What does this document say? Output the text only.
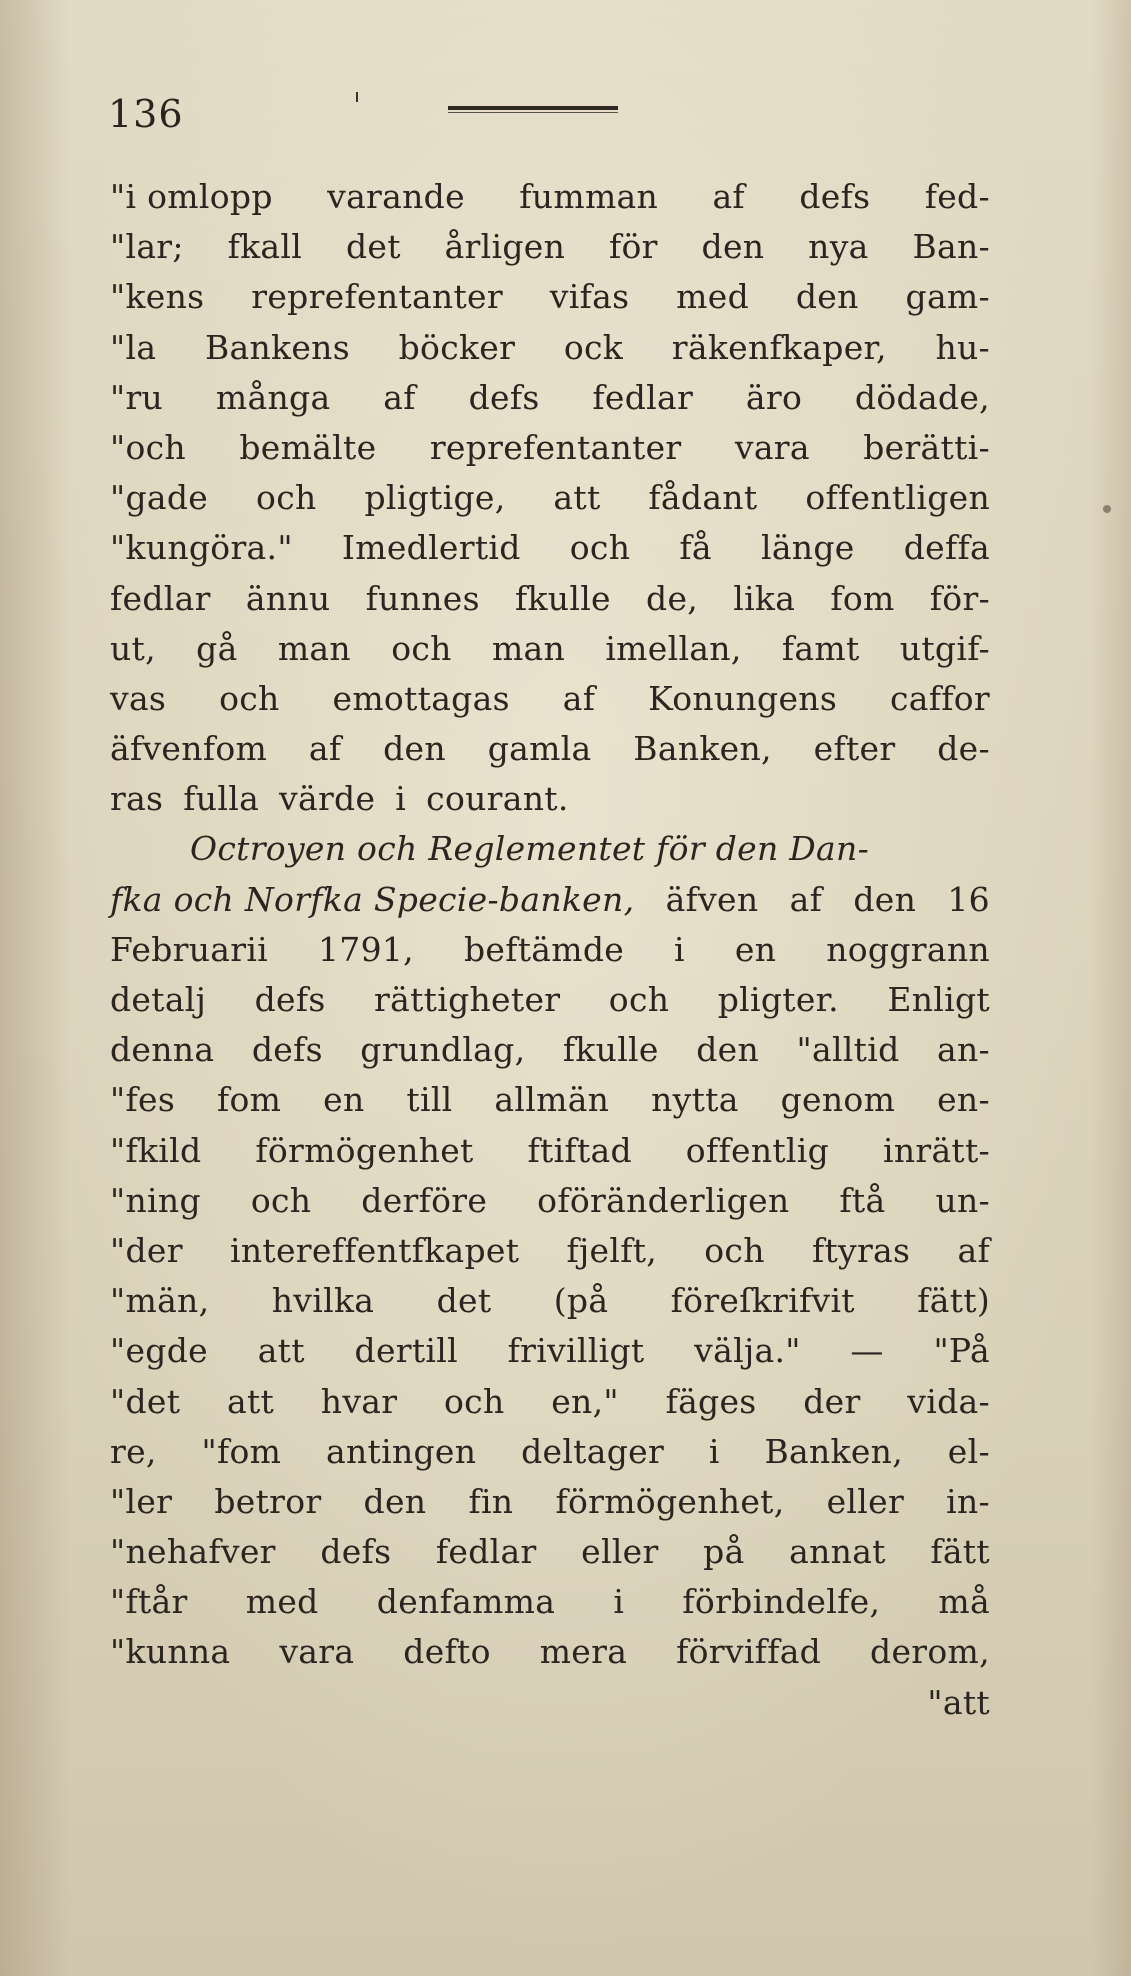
136
"i omlopp varande fumman af defs fed-
"lar; fkall det årligen för den nya Ban-
"kens reprefentanter vifas med den gam-
"la Bankens böcker ock räkenfkaper, hu-
"ru många af defs fedlar äro dödade,
"och bemälte reprefentanter vara berätti-
"gade och pligtige, att fådant offentligen
"kungöra." Imedlertid och få länge deffa
fedlar ännu funnes fkulle de, lika fom för-
ut, gå man och man imellan, famt utgif-
vas och emottagas af Konungens caffor
äfvenfom af den gamla Banken, efter de-
ras fulla värde i courant.
Octroyen och Reglementet för den Dan-
fka och Norfka Specie-banken, äfven af den 16
Februarii 1791, beftämde i en noggrann
detalj defs rättigheter och pligter. Enligt
denna defs grundlag, fkulle den "alltid an-
"fes fom en till allmän nytta genom en-
"fkild förmögenhet ftiftad offentlig inrätt-
"ning och derföre oföränderligen ftå un-
"der intereffentfkapet fjelft, och ftyras af
"män, hvilka det (på föreſkrifvit fätt)
"egde att dertill frivilligt välja." — "På
"det att hvar och en," fäges der vida-
re, "fom antingen deltager i Banken, el-
"ler betror den fin förmögenhet, eller in-
"nehafver defs fedlar eller på annat fätt
"ftår med denfamma i förbindelfe, må
"kunna vara defto mera förviffad derom,
"att
